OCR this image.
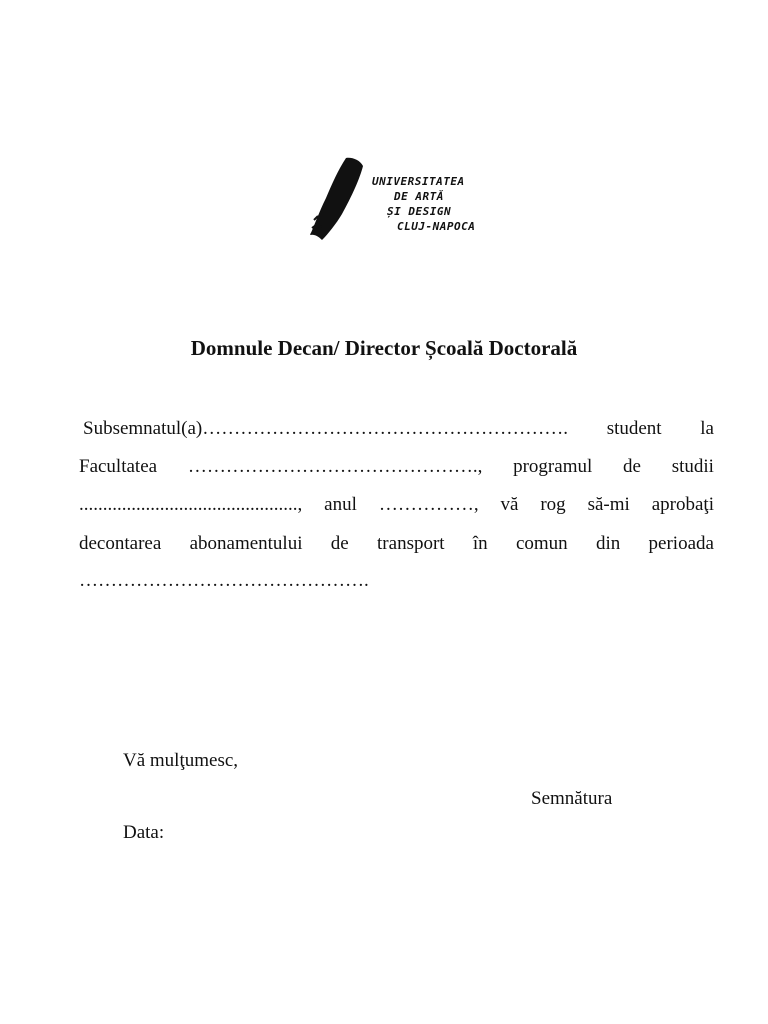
UNIVERSITATEA
DE ARTĂ
ȘI DESIGN
CLUJ-NAPOCA
Domnule Decan/ Director Școală Doctorală
Subsemnatul(a)…………………………………………………. student la
Facultatea ………………………………………., programul de studii
.............................................., anul ……………, vă rog să-mi aprobaţi
decontarea abonamentului de transport în comun din perioada
……………………………………….
Vă mulţumesc,
Semnătura
Data:
